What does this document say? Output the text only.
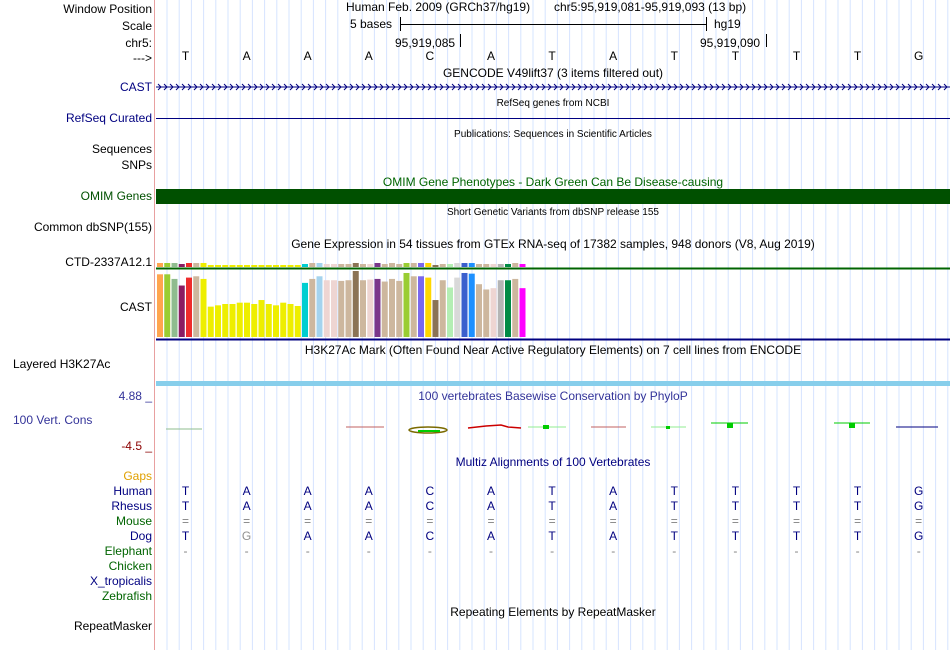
Window Position
Scale
chr5:
--->
Human Feb. 2009 (GRCh37/hg19) chr5:95,919,081-95,919,093 (13 bp)
5 bases	hg19
95,919,085	95,919,090
T	A	A	A	C	A	T	A	T	T	T	T	G
GENCODE V49lift37 (3 items filtered out)
CAST
RefSeq genes from NCBI
RefSeq Curated
Publications: Sequences in Scientific Articles
Sequences
SNPs
OMIM Gene Phenotypes - Dark Green Can Be Disease-causing
OMIM Genes
Short Genetic Variants from dbSNP release 155
Common dbSNP(155)
Gene Expression in 54 tissues from GTEx RNA-seq of 17382 samples, 948 donors (V8, Aug 2019)
CTD-2337A12.1
CAST
H3K27Ac Mark (Often Found Near Active Regulatory Elements) on 7 cell lines from ENCODE
Layered H3K27Ac
100 vertebrates Basewise Conservation by PhyloP
4.88 _
100 Vert. Cons
-4.5 _
Multiz Alignments of 100 Vertebrates
Gaps
Human	T	A	A	A	C	A	T	A	T	T	T	T	G
Rhesus	T	A	A	A	C	A	T	A	T	T	T	T	G
Mouse	=	=	=	=	=	=	=	=	=	=	=	=	=
Dog	T	G	A	A	C	A	T	A	T	T	T	T	G
Elephant	-	-	-	-	-	-	-	-	-	-	-	-	-
Chicken
X_tropicalis
Zebrafish
Repeating Elements by RepeatMasker
RepeatMasker
